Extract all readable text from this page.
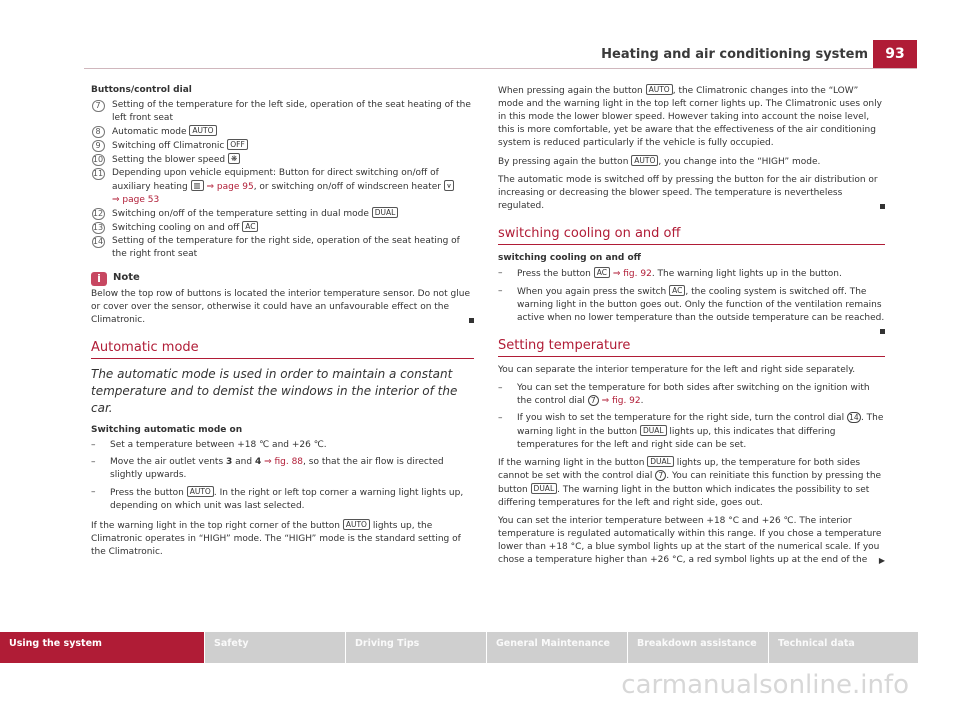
Heating and air conditioning system	93
Buttons/control dial
7	Setting of the temperature for the left side, operation of the seat heating of the left front seat
8	Automatic mode AUTO
9	Switching off Climatronic OFF
10 Setting the blower speed ❋
11 Depending upon vehicle equipment: Button for direct switching on/off of auxiliary heating ▥ ⇒ page 95, or switching on/off of windscreen heater ⩛
⇒ page 53
12 Switching on/off of the temperature setting in dual mode DUAL
13 Switching cooling on and off AC
14 Setting of the temperature for the right side, operation of the seat heating of the right front seat
i Note
Below the top row of buttons is located the interior temperature sensor. Do not glue or cover over the sensor, otherwise it could have an unfavourable effect on the Climatronic.
Automatic mode
The automatic mode is used in order to maintain a constant temperature and to demist the windows in the interior of the car.
Switching automatic mode on
– Set a temperature between +18 ℃ and +26 ℃.
– Move the air outlet vents 3 and 4 ⇒ fig. 88, so that the air flow is directed slightly upwards.
– Press the button AUTO . In the right or left top corner a warning light lights up, depending on which unit was last selected.
If the warning light in the top right corner of the button AUTO lights up, the Climatronic operates in “HIGH” mode. The “HIGH” mode is the standard setting of the Climatronic.
When pressing again the button AUTO , the Climatronic changes into the “LOW” mode and the warning light in the top left corner lights up. The Climatronic uses only in this mode the lower blower speed. However taking into account the noise level, this is more comfortable, yet be aware that the effectiveness of the air conditioning system is reduced particularly if the vehicle is fully occupied.
By pressing again the button AUTO , you change into the “HIGH” mode.
The automatic mode is switched off by pressing the button for the air distribution or increasing or decreasing the blower speed. The temperature is nevertheless regulated.
switching cooling on and off
switching cooling on and off
– Press the button AC ⇒ fig. 92. The warning light lights up in the button.
– When you again press the switch AC , the cooling system is switched off. The warning light in the button goes out. Only the function of the ventilation remains active when no lower temperature than the outside temperature can be reached.
Setting temperature
You can separate the interior temperature for the left and right side separately.
– You can set the temperature for both sides after switching on the ignition with the control dial 7 ⇒ fig. 92.
– If you wish to set the temperature for the right side, turn the control dial 14 . The warning light in the button DUAL lights up, this indicates that differing temperatures for the left and right side can be set.
If the warning light in the button DUAL lights up, the temperature for both sides cannot be set with the control dial 7 . You can reinitiate this function by pressing the button DUAL . The warning light in the button which indicates the possibility to set differing temperatures for the left and right side, goes out.
You can set the interior temperature between +18 °C and +26 ℃. The interior temperature is regulated automatically within this range. If you chose a temperature lower than +18 °C, a blue symbol lights up at the start of the numerical scale. If you chose a temperature higher than +26 °C, a red symbol lights up at the end of the ▶
Using the system	Safety	Driving Tips	General Maintenance	Breakdown assistance	Technical data
carmanualsonline.info
